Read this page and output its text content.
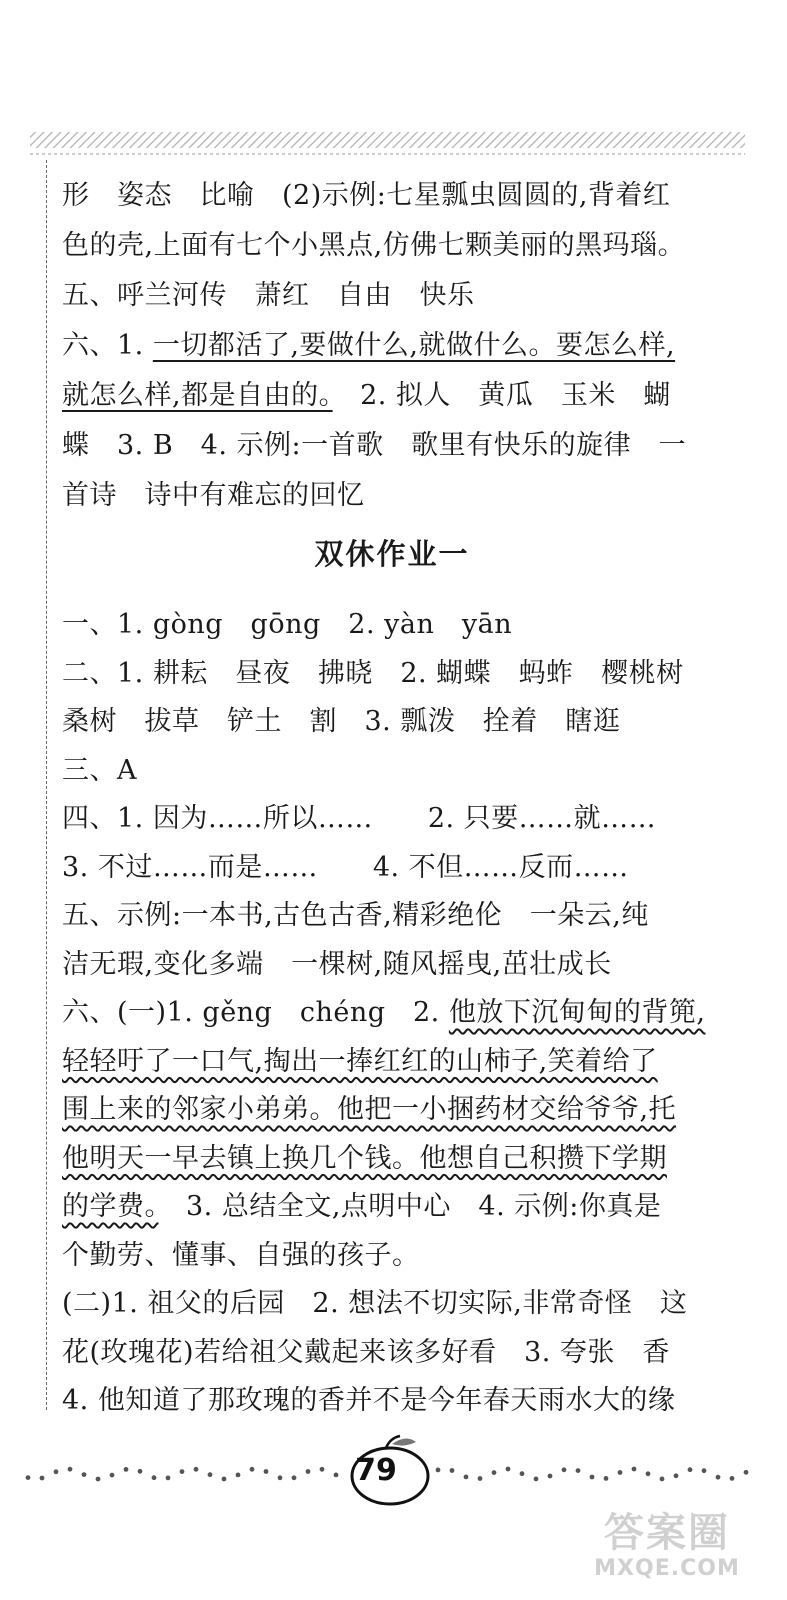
形　姿态　比喻　(2)示例:七星瓢虫圆圆的,背着红
色的壳,上面有七个小黑点,仿佛七颗美丽的黑玛瑙。
五、呼兰河传　萧红　自由　快乐
六、1. 一切都活了,要做什么,就做什么。要怎么样,
就怎么样,都是自由的。　2. 拟人　黄瓜　玉米　蝴
蝶　3. B　4. 示例:一首歌　歌里有快乐的旋律　一
首诗　诗中有难忘的回忆
双休作业一
一、1. gòng　gōng　2. yàn　yān
二、1. 耕耘　昼夜　拂晓　2. 蝴蝶　蚂蚱　樱桃树
桑树　拔草　铲土　割　3. 瓢泼　拴着　瞎逛
三、A
四、1. 因为……所以……　　2. 只要……就……
3. 不过……而是……　　4. 不但……反而……
五、示例:一本书,古色古香,精彩绝伦　一朵云,纯
洁无瑕,变化多端　一棵树,随风摇曳,茁壮成长
六、(一)1. gěng　chéng　2. 他放下沉甸甸的背篼,
轻轻吁了一口气,掏出一捧红红的山柿子,笑着给了
围上来的邻家小弟弟。他把一小捆药材交给爷爷,托
他明天一早去镇上换几个钱。他想自己积攒下学期
的学费。　3. 总结全文,点明中心　4. 示例:你真是
个勤劳、懂事、自强的孩子。
(二)1. 祖父的后园　2. 想法不切实际,非常奇怪　这
花(玫瑰花)若给祖父戴起来该多好看　3. 夸张　香
4. 他知道了那玫瑰的香并不是今年春天雨水大的缘
79
答案圈
MXQE.COM
